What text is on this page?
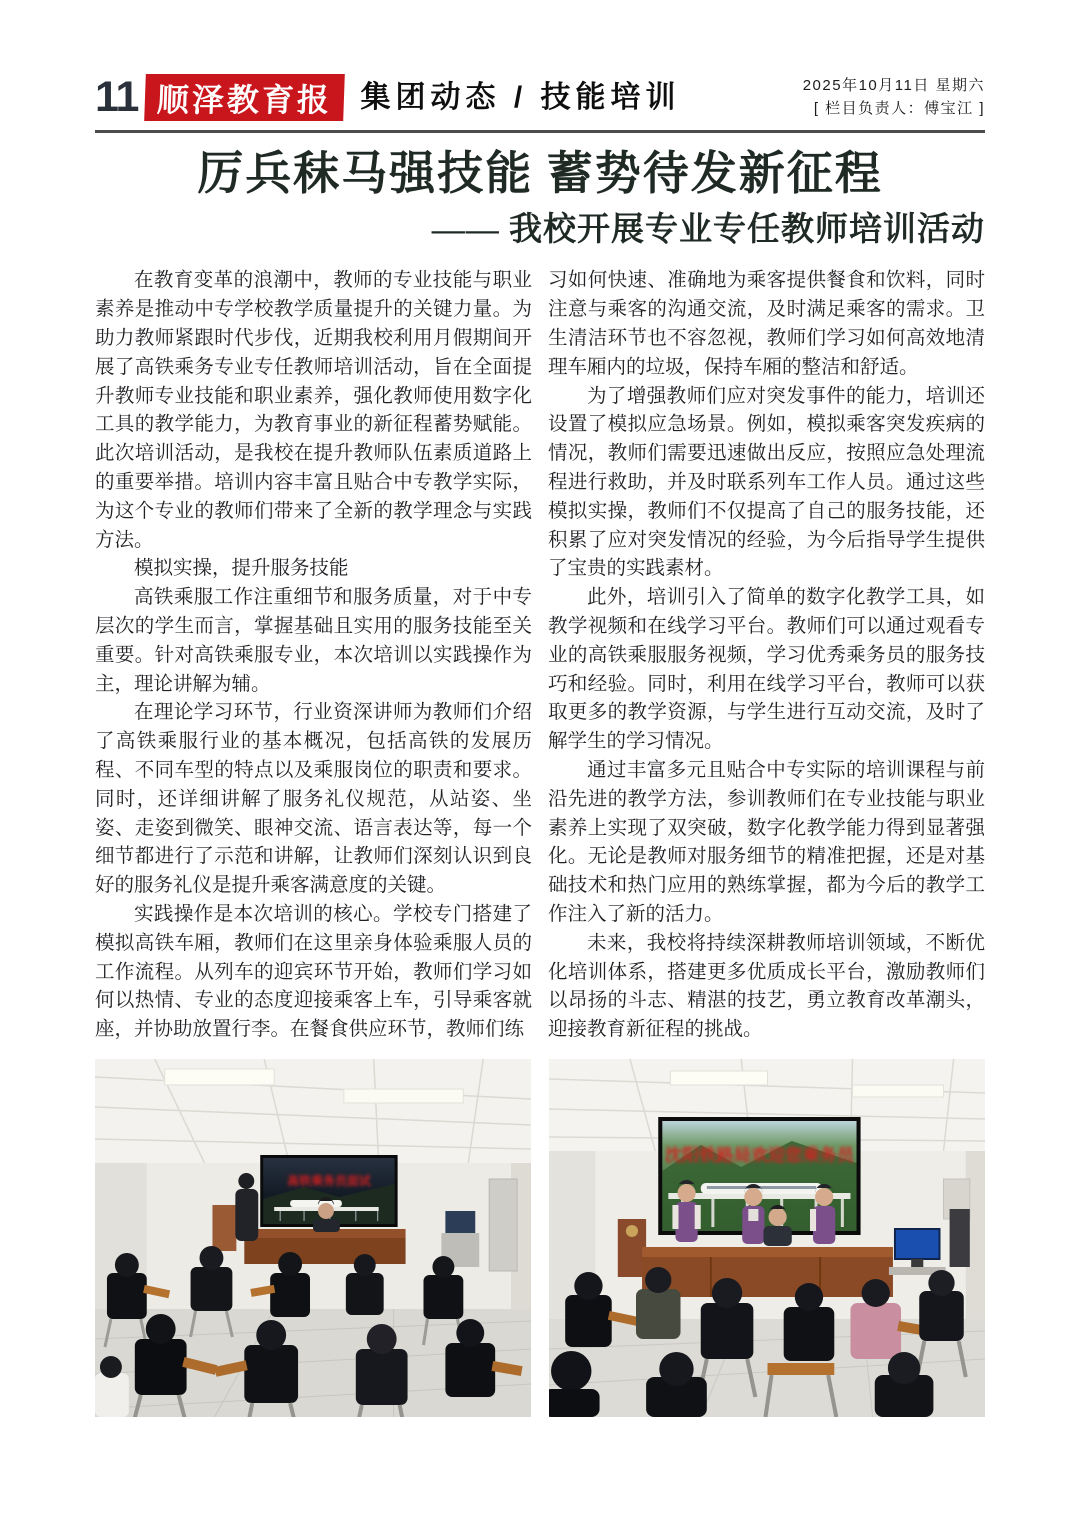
11 顺泽教育报 集团动态 / 技能培训	2025年10月11日 星期六
[ 栏目负责人：傅宝江 ]
厉兵秣马强技能 蓄势待发新征程
—— 我校开展专业专任教师培训活动

在教育变革的浪潮中，教师的专业技能与职业素养是推动中专学校教学质量提升的关键力量。为助力教师紧跟时代步伐，近期我校利用月假期间开展了高铁乘务专业专任教师培训活动，旨在全面提升教师专业技能和职业素养，强化教师使用数字化工具的教学能力，为教育事业的新征程蓄势赋能。此次培训活动，是我校在提升教师队伍素质道路上的重要举措。培训内容丰富且贴合中专教学实际，为这个专业的教师们带来了全新的教学理念与实践方法。

模拟实操，提升服务技能

高铁乘服工作注重细节和服务质量，对于中专层次的学生而言，掌握基础且实用的服务技能至关重要。针对高铁乘服专业，本次培训以实践操作为主，理论讲解为辅。

在理论学习环节，行业资深讲师为教师们介绍了高铁乘服行业的基本概况，包括高铁的发展历程、不同车型的特点以及乘服岗位的职责和要求。同时，还详细讲解了服务礼仪规范，从站姿、坐姿、走姿到微笑、眼神交流、语言表达等，每一个细节都进行了示范和讲解，让教师们深刻认识到良好的服务礼仪是提升乘客满意度的关键。

实践操作是本次培训的核心。学校专门搭建了模拟高铁车厢，教师们在这里亲身体验乘服人员的工作流程。从列车的迎宾环节开始，教师们学习如何以热情、专业的态度迎接乘客上车，引导乘客就座，并协助放置行李。在餐食供应环节，教师们练

习如何快速、准确地为乘客提供餐食和饮料，同时注意与乘客的沟通交流，及时满足乘客的需求。卫生清洁环节也不容忽视，教师们学习如何高效地清理车厢内的垃圾，保持车厢的整洁和舒适。

为了增强教师们应对突发事件的能力，培训还设置了模拟应急场景。例如，模拟乘客突发疾病的情况，教师们需要迅速做出反应，按照应急处理流程进行救助，并及时联系列车工作人员。通过这些模拟实操，教师们不仅提高了自己的服务技能，还积累了应对突发情况的经验，为今后指导学生提供了宝贵的实践素材。

此外，培训引入了简单的数字化教学工具，如教学视频和在线学习平台。教师们可以通过观看专业的高铁乘服服务视频，学习优秀乘务员的服务技巧和经验。同时，利用在线学习平台，教师可以获取更多的教学资源，与学生进行互动交流，及时了解学生的学习情况。

通过丰富多元且贴合中专实际的培训课程与前沿先进的教学方法，参训教师们在专业技能与职业素养上实现了双突破，数字化教学能力得到显著强化。无论是教师对服务细节的精准把握，还是对基础技术和热门应用的熟练掌握，都为今后的教学工作注入了新的活力。

未来，我校将持续深耕教师培训领域，不断优化培训体系，搭建更多优质成长平台，激励教师们以昂扬的斗志、精湛的技艺，勇立教育改革潮头，迎接教育新征程的挑战。

高铁乘务员面试
沈阳铁路局欢迎您乘务员
